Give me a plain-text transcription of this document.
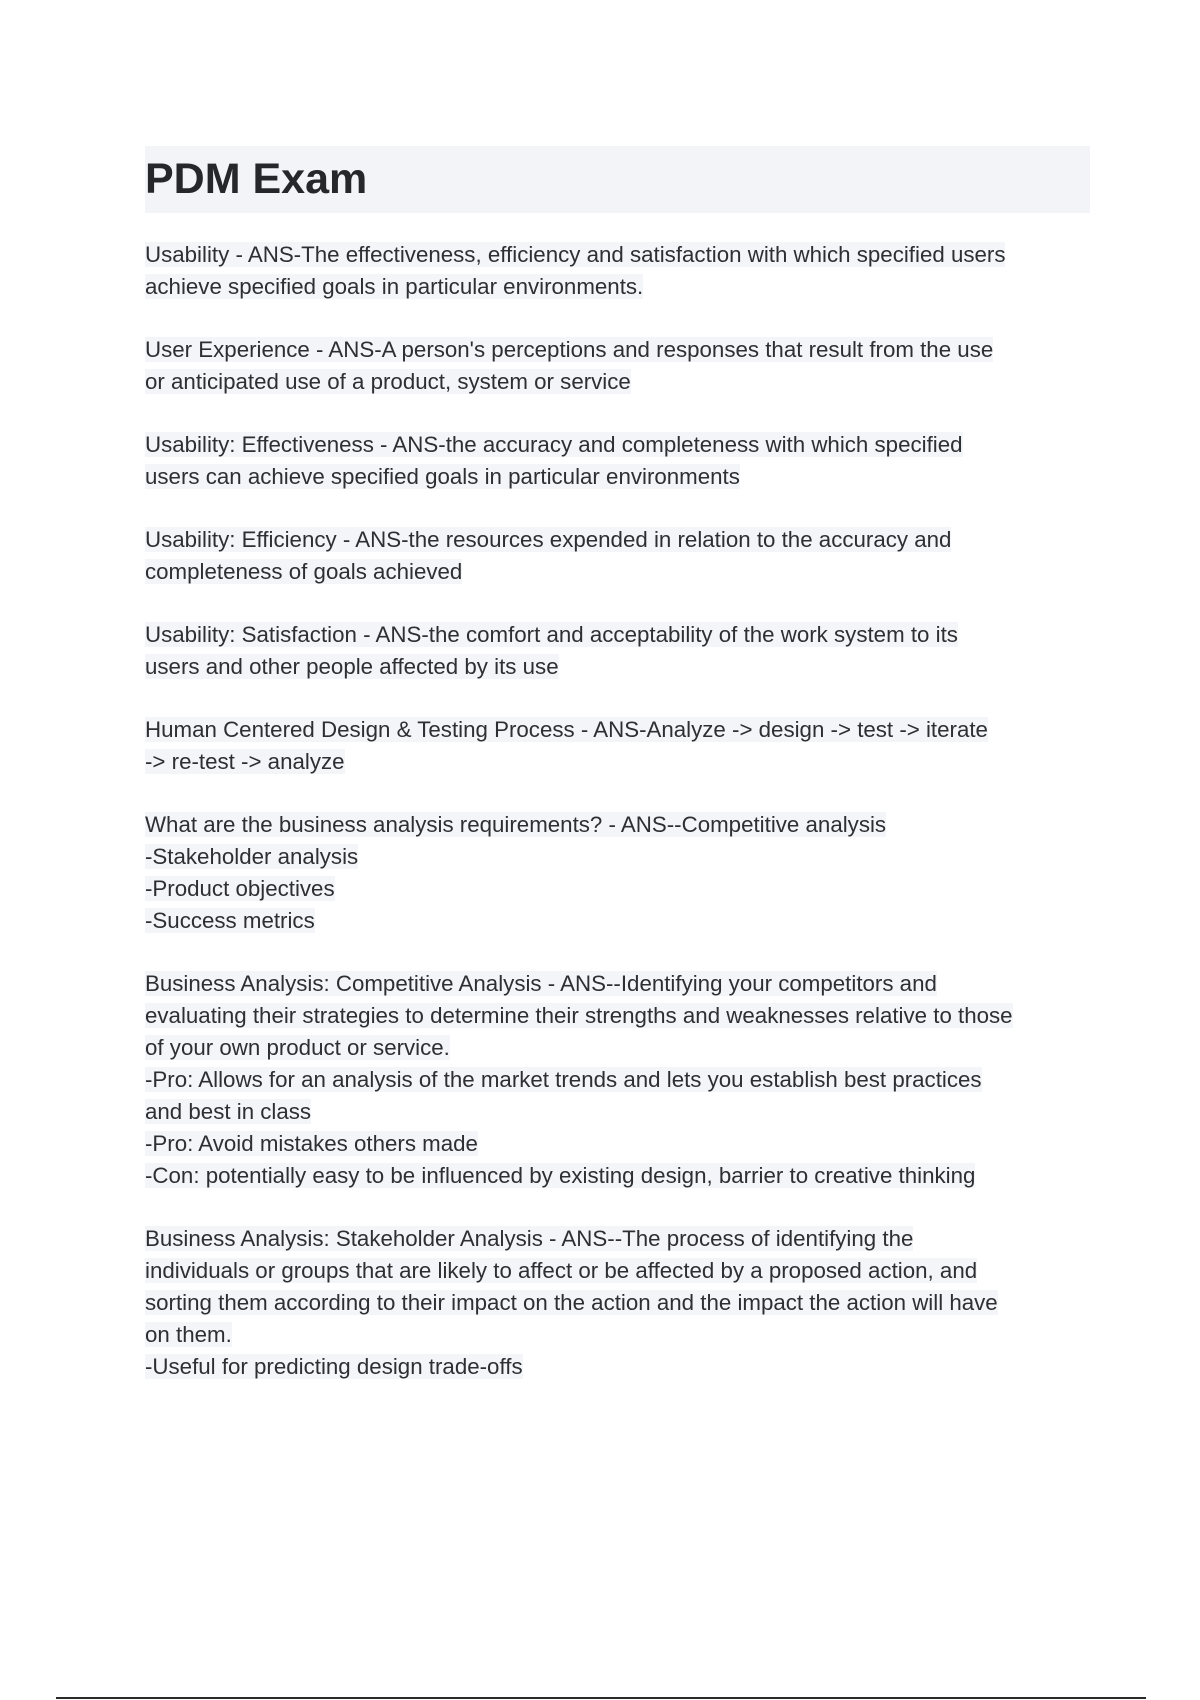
PDM Exam
Usability - ANS-The effectiveness, efficiency and satisfaction with which specified users
achieve specified goals in particular environments.
User Experience - ANS-A person's perceptions and responses that result from the use
or anticipated use of a product, system or service
Usability: Effectiveness - ANS-the accuracy and completeness with which specified
users can achieve specified goals in particular environments
Usability: Efficiency - ANS-the resources expended in relation to the accuracy and
completeness of goals achieved
Usability: Satisfaction - ANS-the comfort and acceptability of the work system to its
users and other people affected by its use
Human Centered Design & Testing Process - ANS-Analyze -> design -> test -> iterate
-> re-test -> analyze
What are the business analysis requirements? - ANS--Competitive analysis
-Stakeholder analysis
-Product objectives
-Success metrics
Business Analysis: Competitive Analysis - ANS--Identifying your competitors and
evaluating their strategies to determine their strengths and weaknesses relative to those
of your own product or service.
-Pro: Allows for an analysis of the market trends and lets you establish best practices
and best in class
-Pro: Avoid mistakes others made
-Con: potentially easy to be influenced by existing design, barrier to creative thinking
Business Analysis: Stakeholder Analysis - ANS--The process of identifying the
individuals or groups that are likely to affect or be affected by a proposed action, and
sorting them according to their impact on the action and the impact the action will have
on them.
-Useful for predicting design trade-offs
